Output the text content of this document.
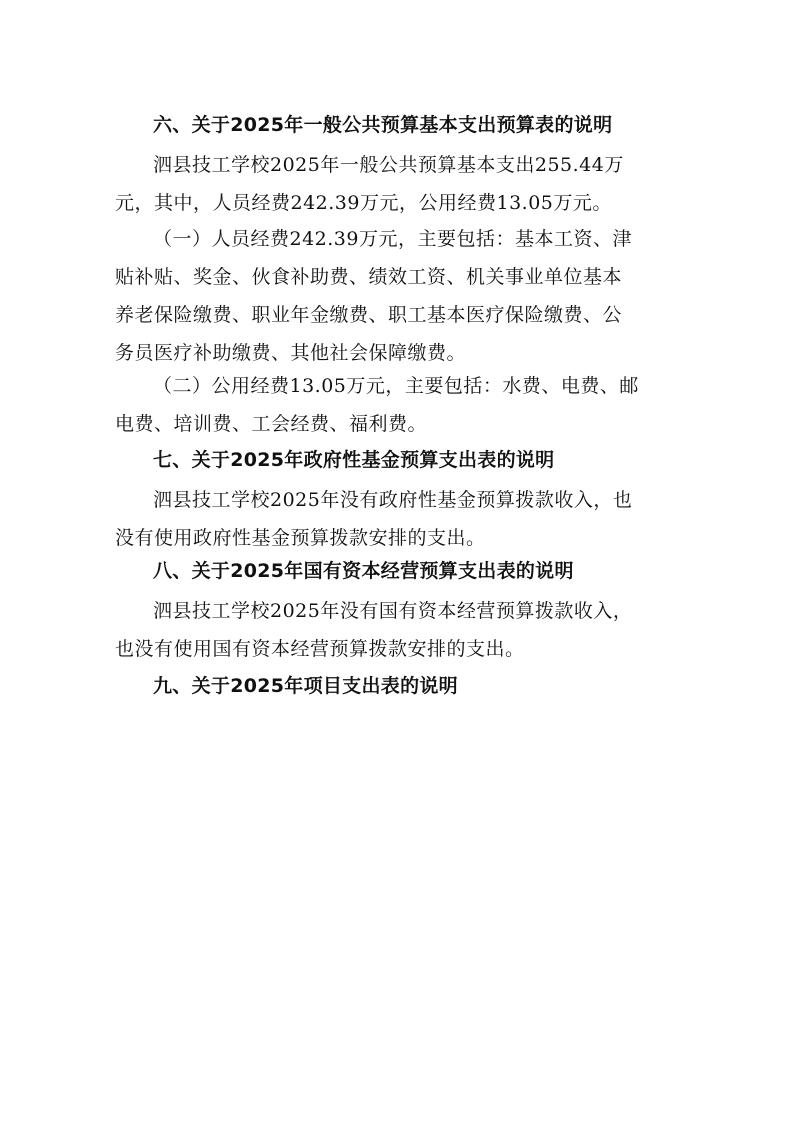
六、关于2025年一般公共预算基本支出预算表的说明
泗县技工学校2025年一般公共预算基本支出255.44万
元，其中，人员经费242.39万元，公用经费13.05万元。
（一）人员经费242.39万元，主要包括：基本工资、津
贴补贴、奖金、伙食补助费、绩效工资、机关事业单位基本
养老保险缴费、职业年金缴费、职工基本医疗保险缴费、公
务员医疗补助缴费、其他社会保障缴费。
（二）公用经费13.05万元，主要包括：水费、电费、邮
电费、培训费、工会经费、福利费。
七、关于2025年政府性基金预算支出表的说明
泗县技工学校2025年没有政府性基金预算拨款收入，也
没有使用政府性基金预算拨款安排的支出。
八、关于2025年国有资本经营预算支出表的说明
泗县技工学校2025年没有国有资本经营预算拨款收入，
也没有使用国有资本经营预算拨款安排的支出。
九、关于2025年项目支出表的说明
